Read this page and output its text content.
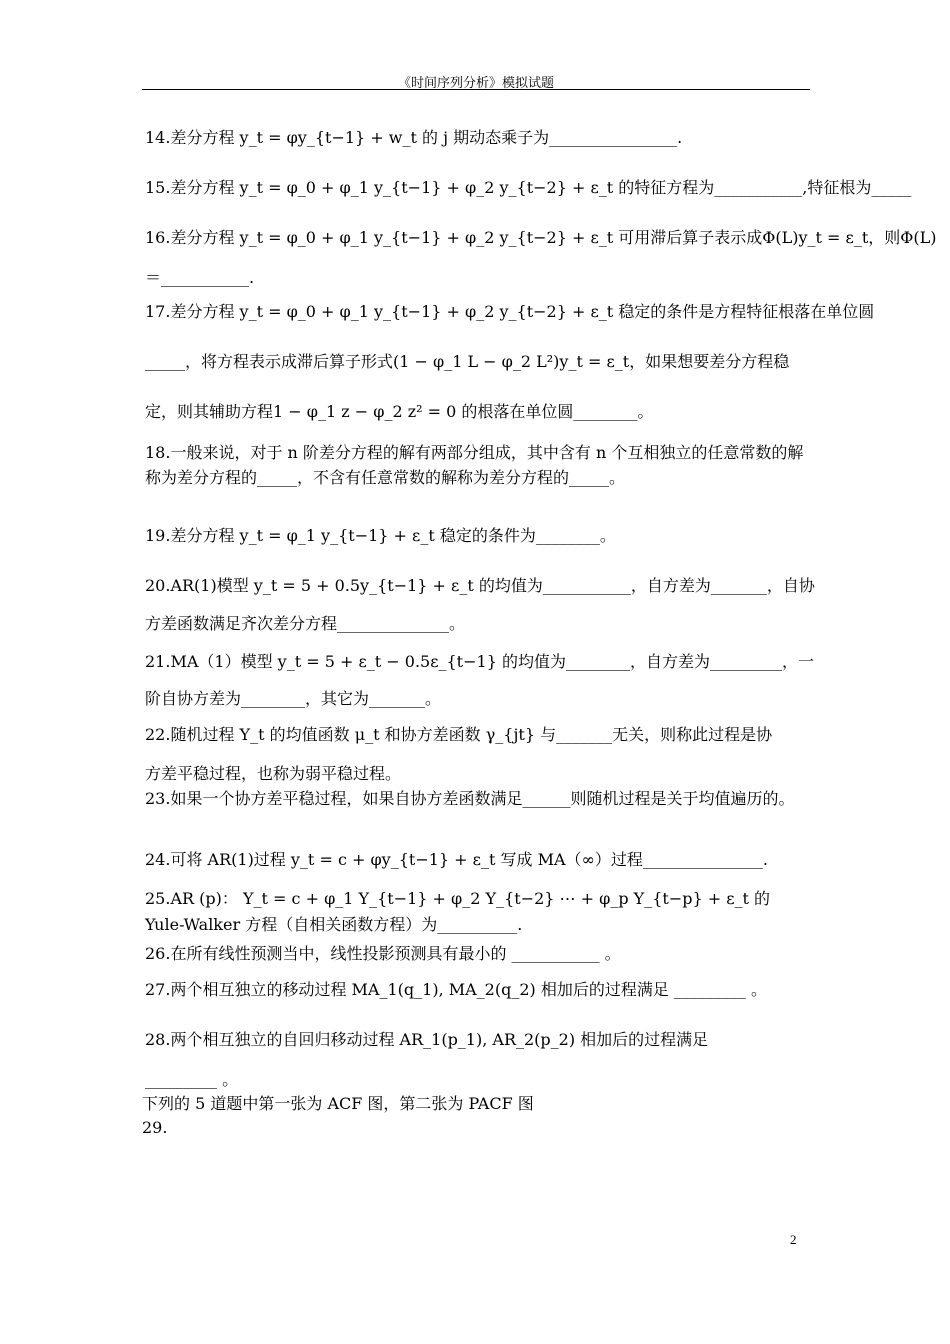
《时间序列分析》模拟试题

14.差分方程 y_t = φy_{t−1} + w_t 的 j 期动态乘子为________________.

15.差分方程 y_t = φ_0 + φ_1 y_{t−1} + φ_2 y_{t−2} + ε_t 的特征方程为___________,特征根为_____

16.差分方程 y_t = φ_0 + φ_1 y_{t−1} + φ_2 y_{t−2} + ε_t 可用滞后算子表示成Φ(L)y_t = ε_t，则Φ(L)

＝___________.

17.差分方程 y_t = φ_0 + φ_1 y_{t−1} + φ_2 y_{t−2} + ε_t 稳定的条件是方程特征根落在单位圆

_____，将方程表示成滞后算子形式(1 − φ_1 L − φ_2 L²)y_t = ε_t，如果想要差分方程稳

定，则其辅助方程1 − φ_1 z − φ_2 z² = 0 的根落在单位圆________。

18.一般来说，对于 n 阶差分方程的解有两部分组成，其中含有 n 个互相独立的任意常数的解称为差分方程的_____，不含有任意常数的解称为差分方程的_____。

19.差分方程 y_t = φ_1 y_{t−1} + ε_t 稳定的条件为________。

20.AR(1)模型 y_t = 5 + 0.5y_{t−1} + ε_t 的均值为___________，自方差为_______，自协

方差函数满足齐次差分方程______________。

21.MA（1）模型 y_t = 5 + ε_t − 0.5ε_{t−1} 的均值为________，自方差为_________，一

阶自协方差为________，其它为_______。

22.随机过程 Y_t 的均值函数 μ_t 和协方差函数 γ_{jt} 与_______无关，则称此过程是协

方差平稳过程，也称为弱平稳过程。

23.如果一个协方差平稳过程，如果自协方差函数满足______则随机过程是关于均值遍历的。

24.可将 AR(1)过程 y_t = c + φy_{t−1} + ε_t 写成 MA（∞）过程_______________.

25.AR (p)： Y_t = c + φ_1 Y_{t−1} + φ_2 Y_{t−2} ⋯ + φ_p Y_{t−p} + ε_t 的 Yule-Walker 方程（自相关函数方程）为__________.

26.在所有线性预测当中，线性投影预测具有最小的 ___________ 。

27.两个相互独立的移动过程 MA_1(q_1), MA_2(q_2) 相加后的过程满足 _________ 。

28.两个相互独立的自回归移动过程 AR_1(p_1), AR_2(p_2) 相加后的过程满足

_________ 。

下列的 5 道题中第一张为 ACF 图，第二张为 PACF 图

29.

2
